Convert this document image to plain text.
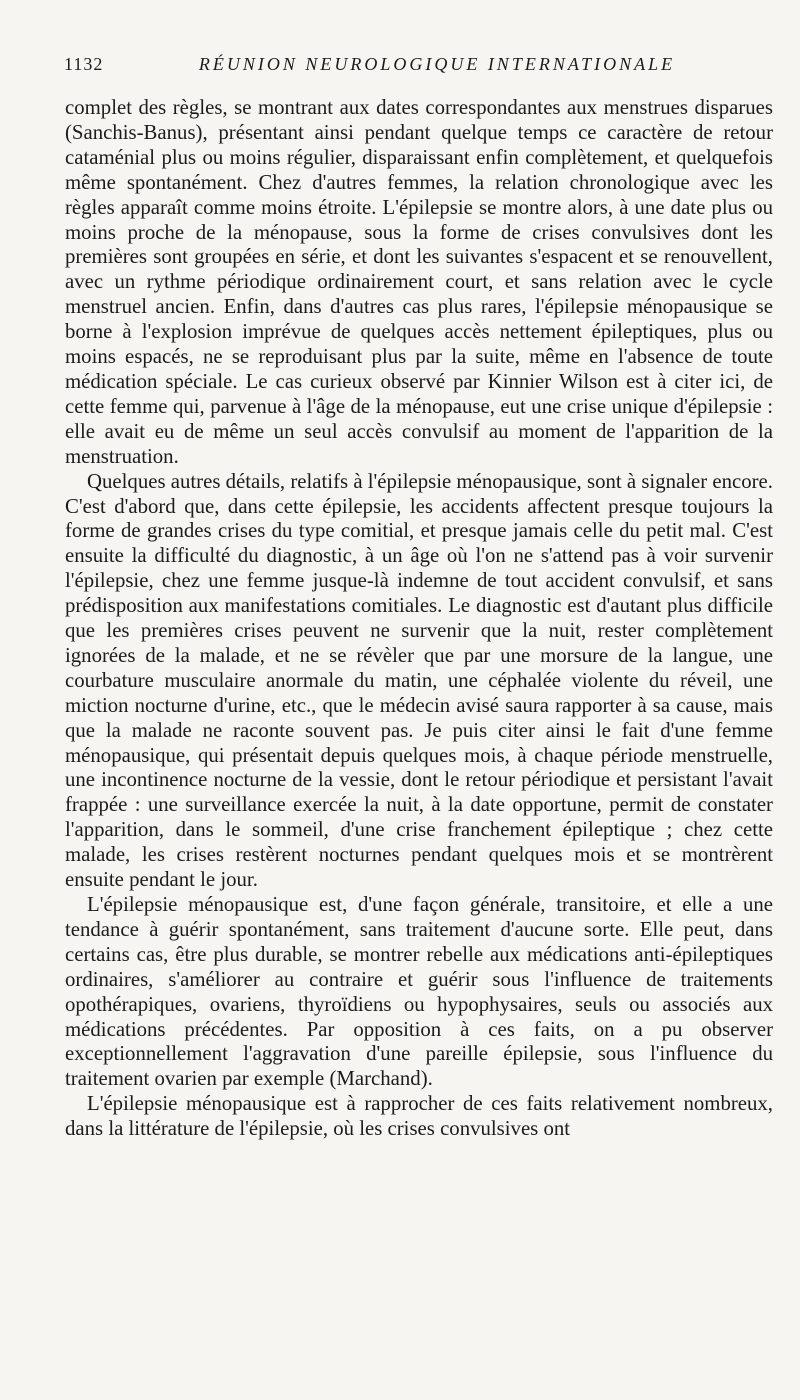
1132	RÉUNION NEUROLOGIQUE INTERNATIONALE

complet des règles, se montrant aux dates correspondantes aux menstrues disparues (Sanchis-Banus), présentant ainsi pendant quelque temps ce caractère de retour cataménial plus ou moins régulier, disparaissant enfin complètement, et quelquefois même spontanément. Chez d'autres femmes, la relation chronologique avec les règles apparaît comme moins étroite. L'épilepsie se montre alors, à une date plus ou moins proche de la ménopause, sous la forme de crises convulsives dont les premières sont groupées en série, et dont les suivantes s'espacent et se renouvellent, avec un rythme périodique ordinairement court, et sans relation avec le cycle menstruel ancien. Enfin, dans d'autres cas plus rares, l'épilepsie ménopausique se borne à l'explosion imprévue de quelques accès nettement épileptiques, plus ou moins espacés, ne se reproduisant plus par la suite, même en l'absence de toute médication spéciale. Le cas curieux observé par Kinnier Wilson est à citer ici, de cette femme qui, parvenue à l'âge de la ménopause, eut une crise unique d'épilepsie : elle avait eu de même un seul accès convulsif au moment de l'apparition de la menstruation.

Quelques autres détails, relatifs à l'épilepsie ménopausique, sont à signaler encore. C'est d'abord que, dans cette épilepsie, les accidents affectent presque toujours la forme de grandes crises du type comitial, et presque jamais celle du petit mal. C'est ensuite la difficulté du diagnostic, à un âge où l'on ne s'attend pas à voir survenir l'épilepsie, chez une femme jusque-là indemne de tout accident convulsif, et sans prédisposition aux manifestations comitiales. Le diagnostic est d'autant plus difficile que les premières crises peuvent ne survenir que la nuit, rester complètement ignorées de la malade, et ne se révèler que par une morsure de la langue, une courbature musculaire anormale du matin, une céphalée violente du réveil, une miction nocturne d'urine, etc., que le médecin avisé saura rapporter à sa cause, mais que la malade ne raconte souvent pas. Je puis citer ainsi le fait d'une femme ménopausique, qui présentait depuis quelques mois, à chaque période menstruelle, une incontinence nocturne de la vessie, dont le retour périodique et persistant l'avait frappée : une surveillance exercée la nuit, à la date opportune, permit de constater l'apparition, dans le sommeil, d'une crise franchement épileptique ; chez cette malade, les crises restèrent nocturnes pendant quelques mois et se montrèrent ensuite pendant le jour.

L'épilepsie ménopausique est, d'une façon générale, transitoire, et elle a une tendance à guérir spontanément, sans traitement d'aucune sorte. Elle peut, dans certains cas, être plus durable, se montrer rebelle aux médications anti-épileptiques ordinaires, s'améliorer au contraire et guérir sous l'influence de traitements opothérapiques, ovariens, thyroïdiens ou hypophysaires, seuls ou associés aux médications précédentes. Par opposition à ces faits, on a pu observer exceptionnellement l'aggravation d'une pareille épilepsie, sous l'influence du traitement ovarien par exemple (Marchand).

L'épilepsie ménopausique est à rapprocher de ces faits relativement nombreux, dans la littérature de l'épilepsie, où les crises convulsives ont
